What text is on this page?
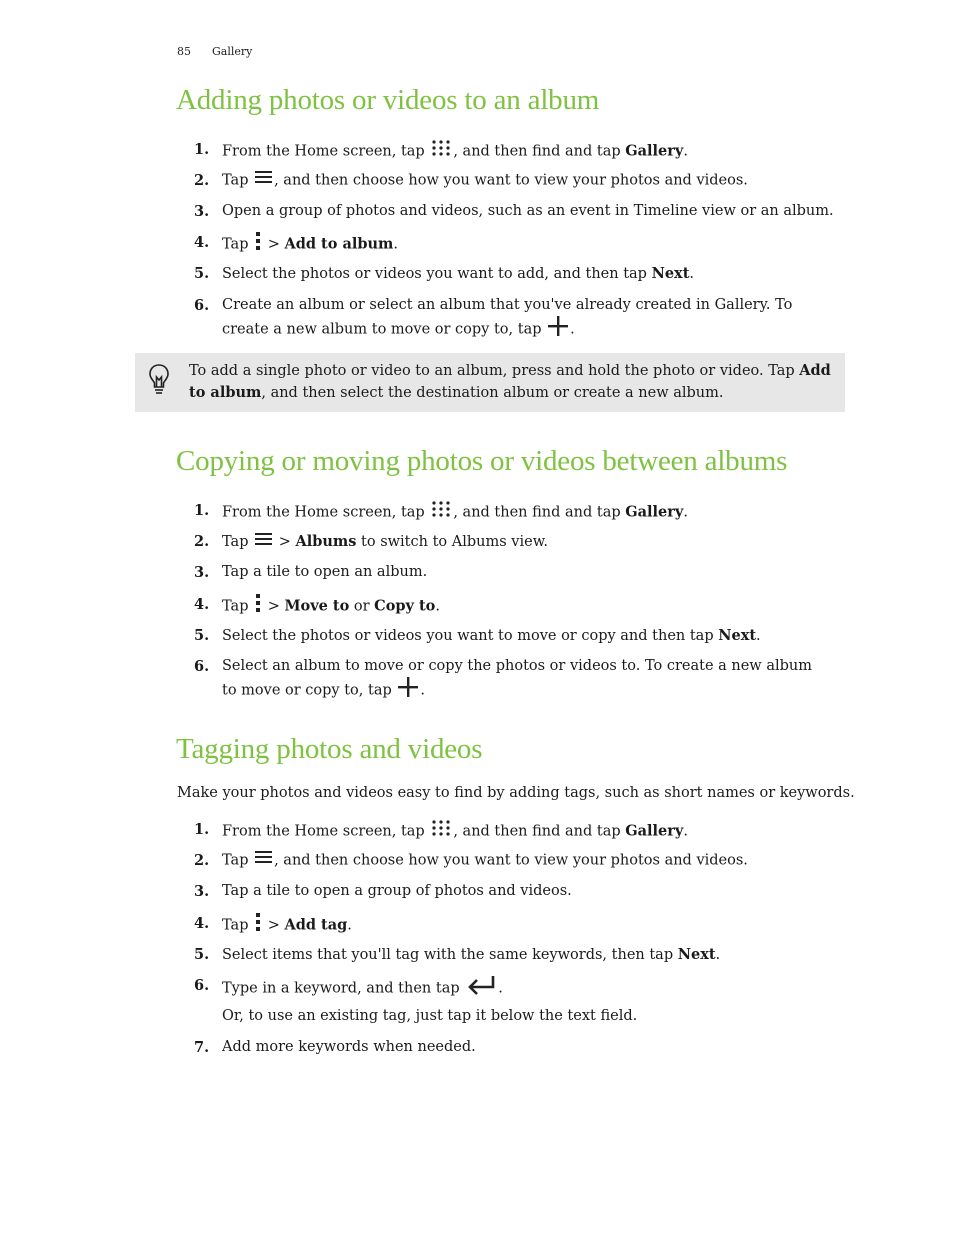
85 Gallery
Adding photos or videos to an album
1. From the Home screen, tap , and then find and tap Gallery.
2. Tap , and then choose how you want to view your photos and videos.
3. Open a group of photos and videos, such as an event in Timeline view or an album.
4. Tap > Add to album.
5. Select the photos or videos you want to add, and then tap Next.
6. Create an album or select an album that you've already created in Gallery. To create a new album to move or copy to, tap .
To add a single photo or video to an album, press and hold the photo or video. Tap Add to album, and then select the destination album or create a new album.
Copying or moving photos or videos between albums
1. From the Home screen, tap , and then find and tap Gallery.
2. Tap > Albums to switch to Albums view.
3. Tap a tile to open an album.
4. Tap > Move to or Copy to.
5. Select the photos or videos you want to move or copy and then tap Next.
6. Select an album to move or copy the photos or videos to. To create a new album to move or copy to, tap .
Tagging photos and videos

Make your photos and videos easy to find by adding tags, such as short names or keywords.

1. From the Home screen, tap , and then find and tap Gallery.
2. Tap , and then choose how you want to view your photos and videos.
3. Tap a tile to open a group of photos and videos.
4. Tap > Add tag.
5. Select items that you'll tag with the same keywords, then tap Next.
6. Type in a keyword, and then tap	.
Or, to use an existing tag, just tap it below the text field.
7. Add more keywords when needed.
